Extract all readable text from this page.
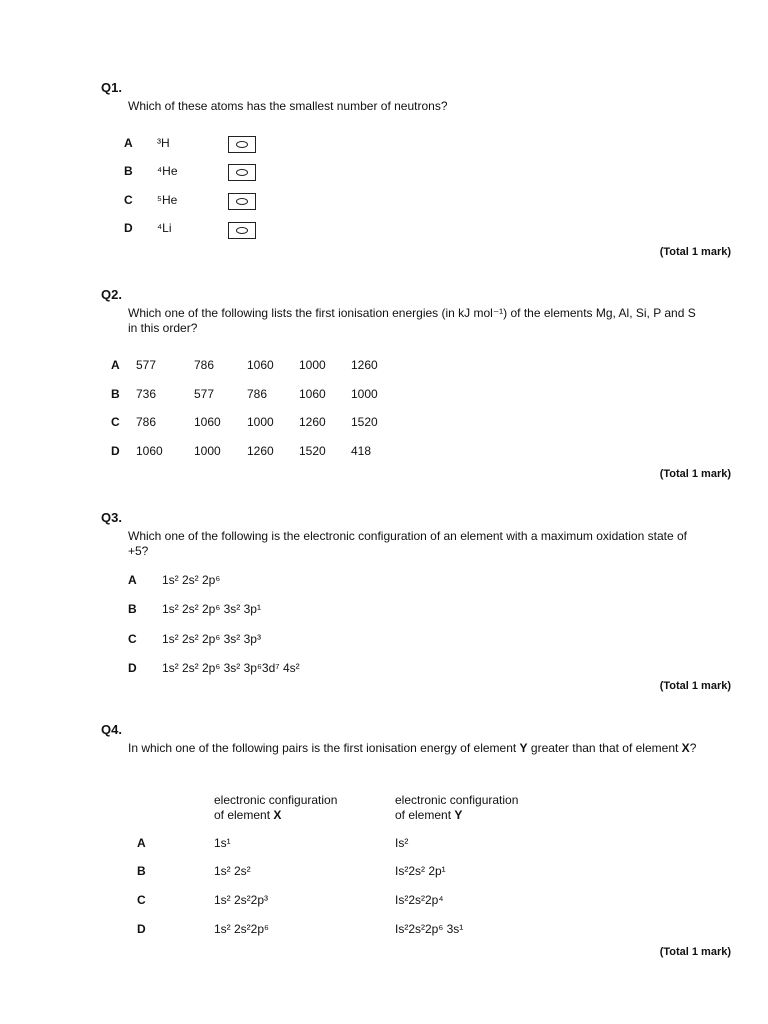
Q1.
Which of these atoms has the smallest number of neutrons?
A ³H
B ⁴He
C ⁵He
D ⁴Li
(Total 1 mark)
Q2.
Which one of the following lists the first ionisation energies (in kJ mol⁻¹) of the elements Mg, Al, Si, P and S in this order?
A 577	786	1060 1000 1260
B 736	577	786	1060 1000
C 786	1060 1000 1260 1520
D 1060	1000 1260 1520 418
(Total 1 mark)
Q3.
Which one of the following is the electronic configuration of an element with a maximum oxidation state of +5?
A 1s² 2s² 2p⁶
B 1s² 2s² 2p⁶ 3s² 3p¹
C 1s² 2s² 2p⁶ 3s² 3p³
D 1s² 2s² 2p⁶ 3s² 3p⁶3d⁷ 4s²
(Total 1 mark)
Q4.
In which one of the following pairs is the first ionisation energy of element Y greater than that of element X?
electronic configuration
of element X
electronic configuration
of element Y
A	1s¹	Is²
B	1s² 2s²	Is²2s² 2p¹
C	1s² 2s²2p³	Is²2s²2p⁴
D	1s² 2s²2p⁶	Is²2s²2p⁶ 3s¹
(Total 1 mark)
